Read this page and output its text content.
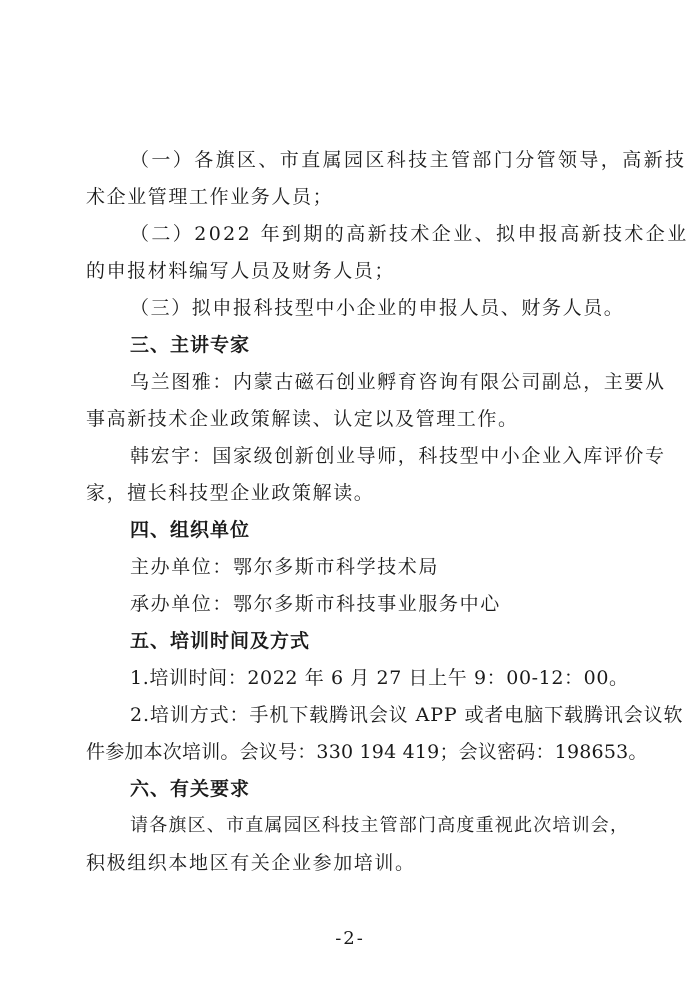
（一）各旗区、市直属园区科技主管部门分管领导，高新技
术企业管理工作业务人员；
（二）2022 年到期的高新技术企业、拟申报高新技术企业
的申报材料编写人员及财务人员；
（三）拟申报科技型中小企业的申报人员、财务人员。
三、主讲专家
乌兰图雅：内蒙古磁石创业孵育咨询有限公司副总，主要从
事高新技术企业政策解读、认定以及管理工作。
韩宏宇：国家级创新创业导师，科技型中小企业入库评价专
家，擅长科技型企业政策解读。
四、组织单位
主办单位：鄂尔多斯市科学技术局
承办单位：鄂尔多斯市科技事业服务中心
五、培训时间及方式
1.培训时间：2022 年 6 月 27 日上午 9：00-12：00。
2.培训方式：手机下载腾讯会议 APP 或者电脑下载腾讯会议软
件参加本次培训。会议号：330 194 419；会议密码：198653。
六、有关要求
请各旗区、市直属园区科技主管部门高度重视此次培训会，
-2-
积极组织本地区有关企业参加培训。
